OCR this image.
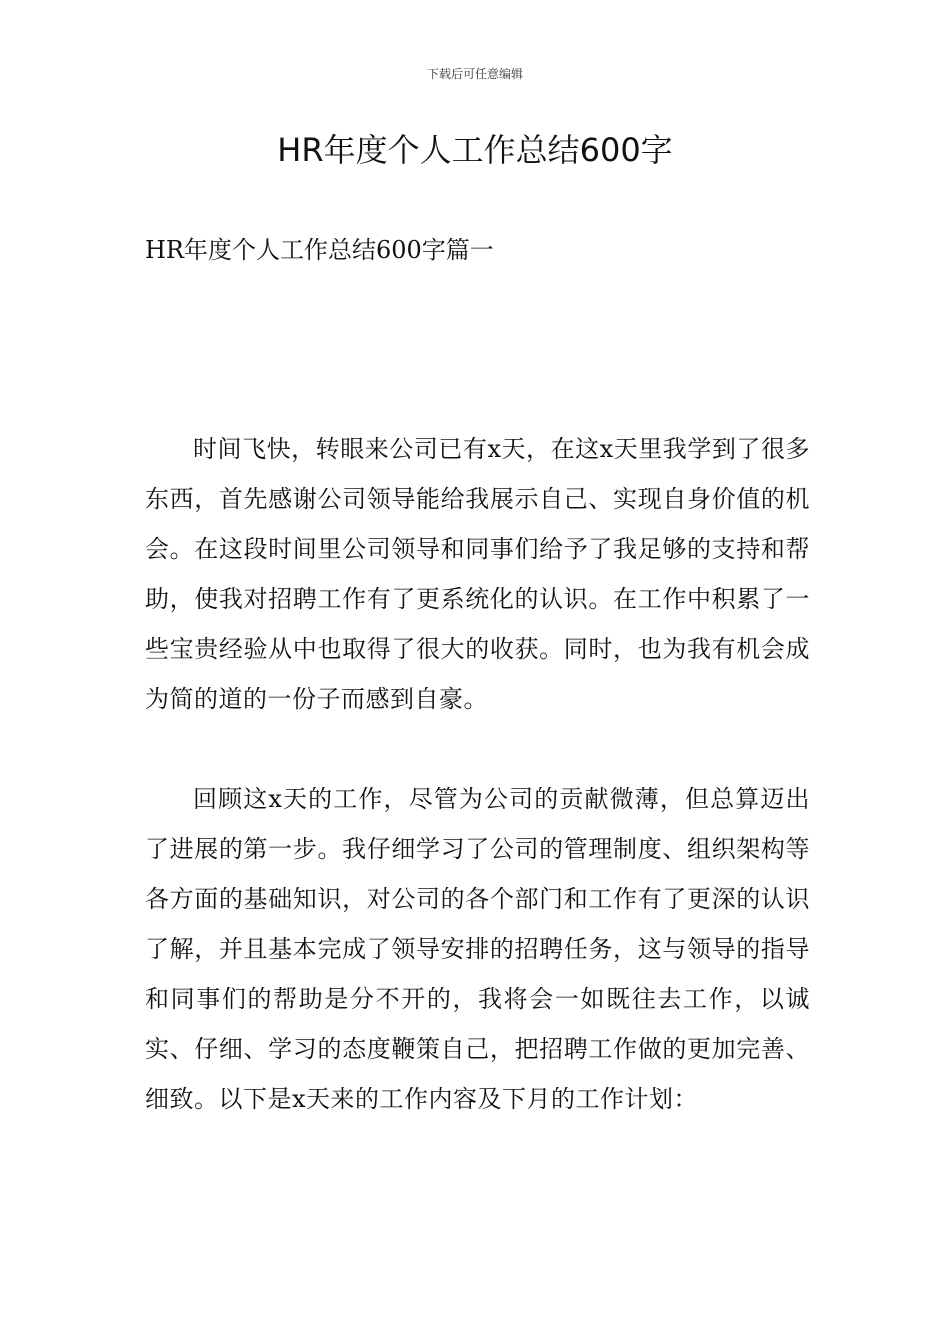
下载后可任意编辑
HR年度个人工作总结600字

HR年度个人工作总结600字篇一

时间飞快，转眼来公司已有x天，在这x天里我学到了很多东西，首先感谢公司领导能给我展示自己、实现自身价值的机会。在这段时间里公司领导和同事们给予了我足够的支持和帮助，使我对招聘工作有了更系统化的认识。在工作中积累了一些宝贵经验从中也取得了很大的收获。同时，也为我有机会成为简的道的一份子而感到自豪。

回顾这x天的工作，尽管为公司的贡献微薄，但总算迈出了进展的第一步。我仔细学习了公司的管理制度、组织架构等各方面的基础知识，对公司的各个部门和工作有了更深的认识了解，并且基本完成了领导安排的招聘任务，这与领导的指导和同事们的帮助是分不开的，我将会一如既往去工作，以诚实、仔细、学习的态度鞭策自己，把招聘工作做的更加完善、细致。以下是x天来的工作内容及下月的工作计划：
